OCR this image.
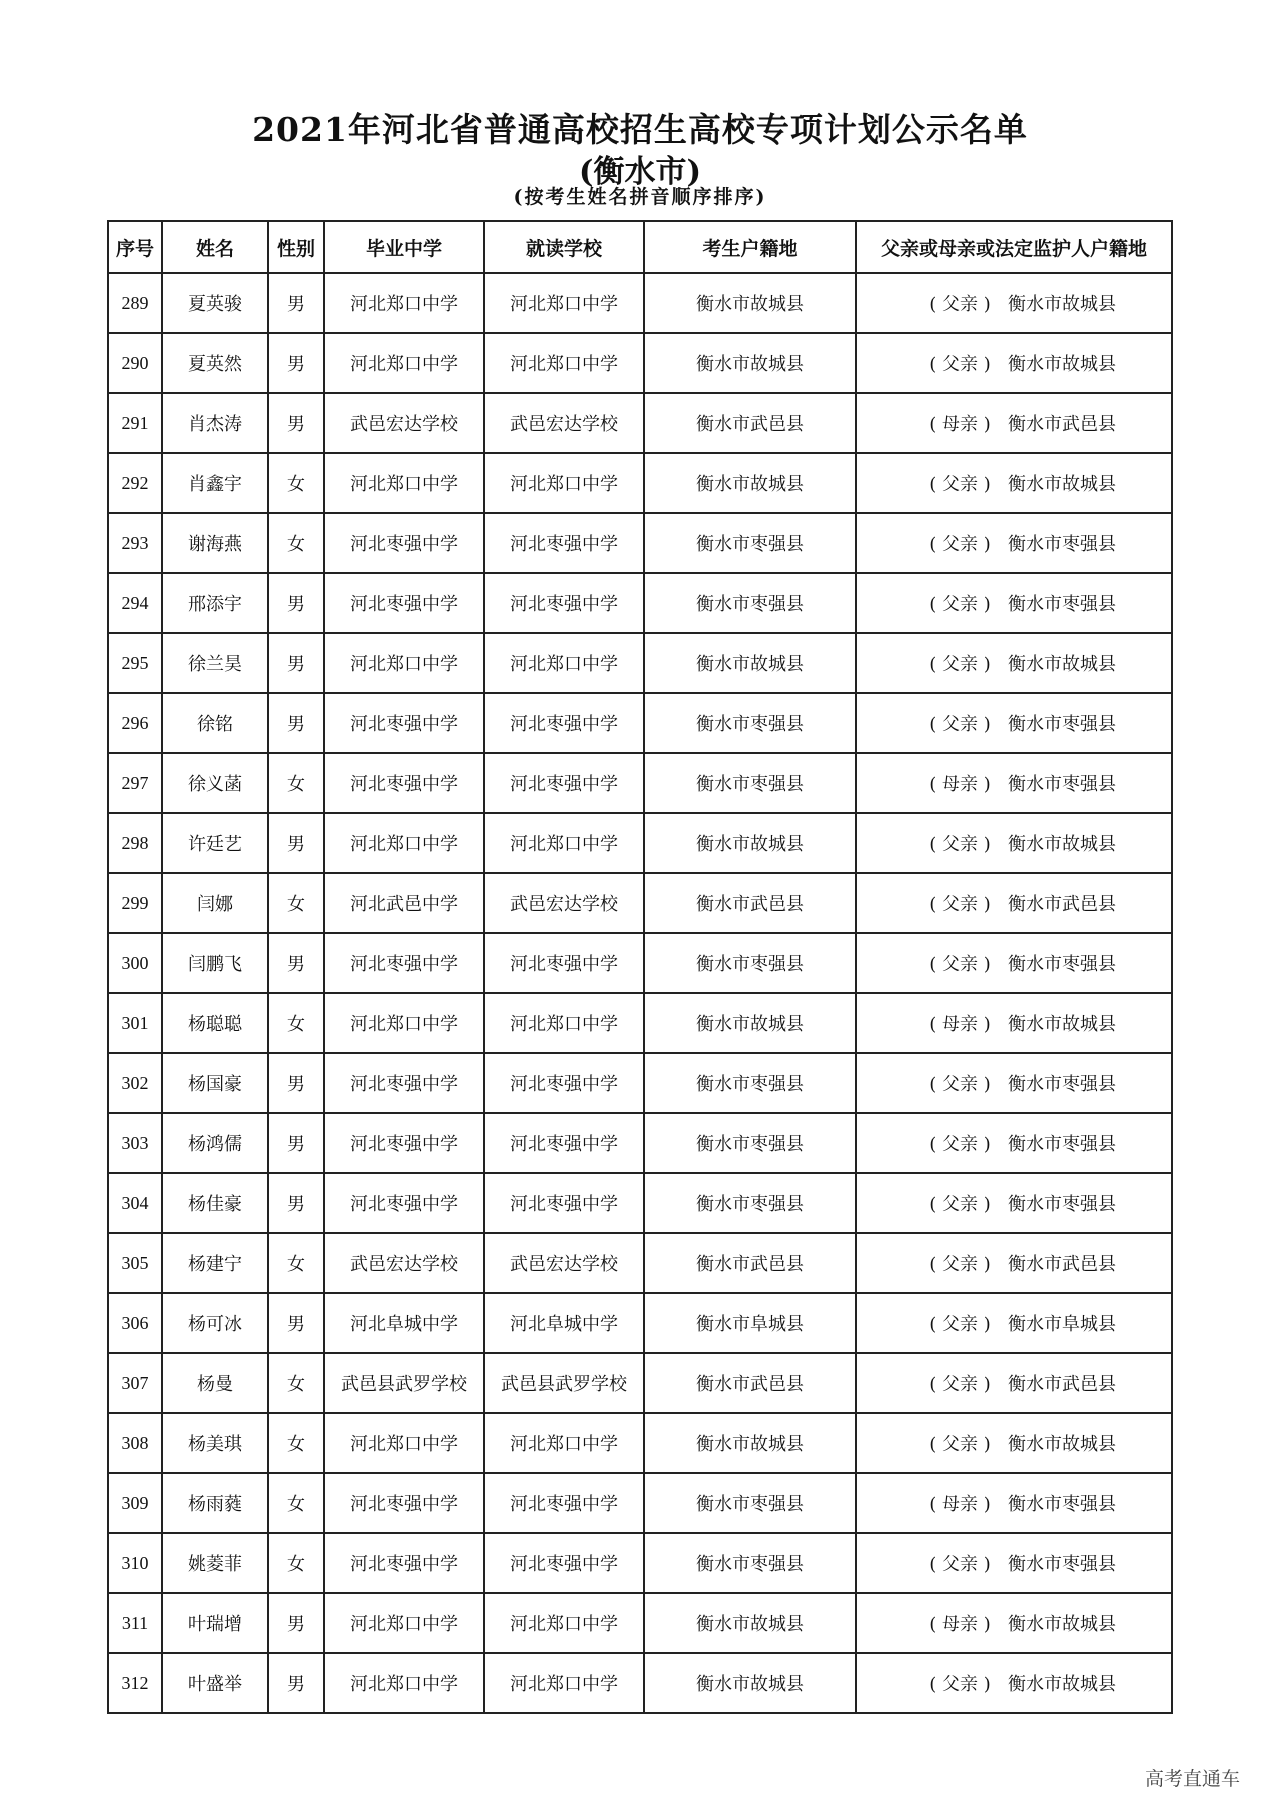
2021年河北省普通高校招生高校专项计划公示名单
(衡水市)
(按考生姓名拼音顺序排序)
序号	姓名	性别	毕业中学	就读学校	考生户籍地	父亲或母亲或法定监护人户籍地
289	夏英骏	男	河北郑口中学	河北郑口中学	衡水市故城县	( 父亲 ) 衡水市故城县
290	夏英然	男	河北郑口中学	河北郑口中学	衡水市故城县	( 父亲 ) 衡水市故城县
291	肖杰涛	男	武邑宏达学校	武邑宏达学校	衡水市武邑县	( 母亲 ) 衡水市武邑县
292	肖鑫宇	女	河北郑口中学	河北郑口中学	衡水市故城县	( 父亲 ) 衡水市故城县
293	谢海燕	女	河北枣强中学	河北枣强中学	衡水市枣强县	( 父亲 ) 衡水市枣强县
294	邢添宇	男	河北枣强中学	河北枣强中学	衡水市枣强县	( 父亲 ) 衡水市枣强县
295	徐兰昊	男	河北郑口中学	河北郑口中学	衡水市故城县	( 父亲 ) 衡水市故城县
296	徐铭	男	河北枣强中学	河北枣强中学	衡水市枣强县	( 父亲 ) 衡水市枣强县
297	徐义菡	女	河北枣强中学	河北枣强中学	衡水市枣强县	( 母亲 ) 衡水市枣强县
298	许廷艺	男	河北郑口中学	河北郑口中学	衡水市故城县	( 父亲 ) 衡水市故城县
299	闫娜	女	河北武邑中学	武邑宏达学校	衡水市武邑县	( 父亲 ) 衡水市武邑县
300	闫鹏飞	男	河北枣强中学	河北枣强中学	衡水市枣强县	( 父亲 ) 衡水市枣强县
301	杨聪聪	女	河北郑口中学	河北郑口中学	衡水市故城县	( 母亲 ) 衡水市故城县
302	杨国豪	男	河北枣强中学	河北枣强中学	衡水市枣强县	( 父亲 ) 衡水市枣强县
303	杨鸿儒	男	河北枣强中学	河北枣强中学	衡水市枣强县	( 父亲 ) 衡水市枣强县
304	杨佳豪	男	河北枣强中学	河北枣强中学	衡水市枣强县	( 父亲 ) 衡水市枣强县
305	杨建宁	女	武邑宏达学校	武邑宏达学校	衡水市武邑县	( 父亲 ) 衡水市武邑县
306	杨可冰	男	河北阜城中学	河北阜城中学	衡水市阜城县	( 父亲 ) 衡水市阜城县
307	杨曼	女	武邑县武罗学校	武邑县武罗学校	衡水市武邑县	( 父亲 ) 衡水市武邑县
308	杨美琪	女	河北郑口中学	河北郑口中学	衡水市故城县	( 父亲 ) 衡水市故城县
309	杨雨蕤	女	河北枣强中学	河北枣强中学	衡水市枣强县	( 母亲 ) 衡水市枣强县
310	姚菱菲	女	河北枣强中学	河北枣强中学	衡水市枣强县	( 父亲 ) 衡水市枣强县
311	叶瑞增	男	河北郑口中学	河北郑口中学	衡水市故城县	( 母亲 ) 衡水市故城县
312	叶盛举	男	河北郑口中学	河北郑口中学	衡水市故城县	( 父亲 ) 衡水市故城县
高考直通车
